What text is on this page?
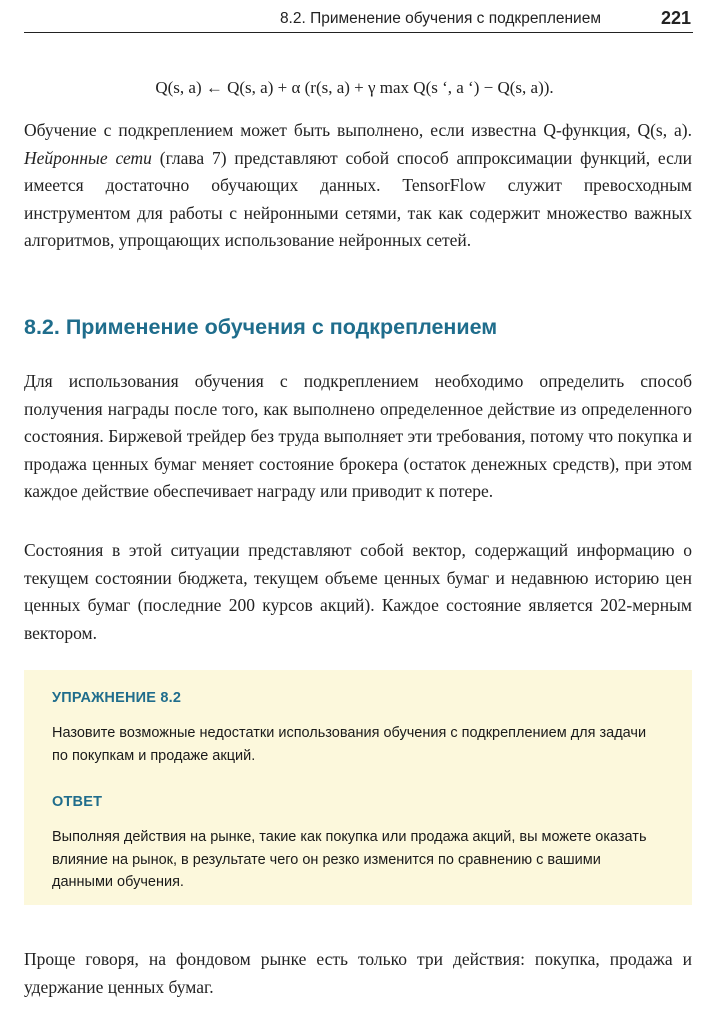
8.2. Применение обучения с подкреплением	221
Q(s, a) ← Q(s, a) + α (r(s, a) + γ max Q(s ‘, a ‘) − Q(s, a)).

Обучение с подкреплением может быть выполнено, если известна Q-функция, Q(s, a). Нейронные сети (глава 7) представляют собой способ аппроксимации функций, если имеется достаточно обучающих данных. TensorFlow служит превосходным инструментом для работы с нейронными сетями, так как содержит множество важных алгоритмов, упрощающих использование нейронных сетей.

8.2. Применение обучения с подкреплением

Для использования обучения с подкреплением необходимо определить способ получения награды после того, как выполнено определенное действие из определенного состояния. Биржевой трейдер без труда выполняет эти требования, потому что покупка и продажа ценных бумаг меняет состояние брокера (остаток денежных средств), при этом каждое действие обеспечивает награду или приводит к потере.

Состояния в этой ситуации представляют собой вектор, содержащий информацию о текущем состоянии бюджета, текущем объеме ценных бумаг и недавнюю историю цен ценных бумаг (последние 200 курсов акций). Каждое состояние является 202-мерным вектором.

УПРАЖНЕНИЕ 8.2

Назовите возможные недостатки использования обучения с подкреплением для задачи по покупкам и продаже акций.

ОТВЕТ

Выполняя действия на рынке, такие как покупка или продажа акций, вы можете оказать влияние на рынок, в результате чего он резко изменится по сравнению с вашими данными обучения.

Проще говоря, на фондовом рынке есть только три действия: покупка, продажа и удержание ценных бумаг.
